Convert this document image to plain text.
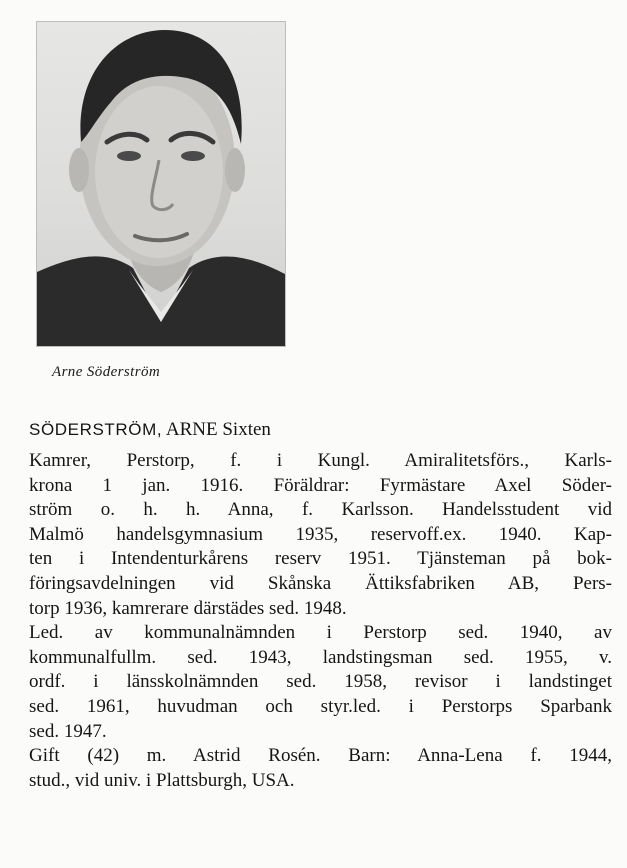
Arne Söderström
SÖDERSTRÖM, ARNE Sixten
Kamrer, Perstorp, f. i Kungl. Amiralitetsförs., Karls-
krona 1 jan. 1916. Föräldrar: Fyrmästare Axel Söder-
ström o. h. h. Anna, f. Karlsson. Handelsstudent vid
Malmö handelsgymnasium 1935, reservoff.ex. 1940. Kap-
ten i Intendenturkårens reserv 1951. Tjänsteman på bok-
föringsavdelningen vid Skånska Ättiksfabriken AB, Pers-
torp 1936, kamrerare därstädes sed. 1948.
Led. av kommunalnämnden i Perstorp sed. 1940, av
kommunalfullm. sed. 1943, landstingsman sed. 1955, v.
ordf. i länsskolnämnden sed. 1958, revisor i landstinget
sed. 1961, huvudman och styr.led. i Perstorps Sparbank
sed. 1947.
Gift (42) m. Astrid Rosén. Barn: Anna-Lena f. 1944,
stud., vid univ. i Plattsburgh, USA.
